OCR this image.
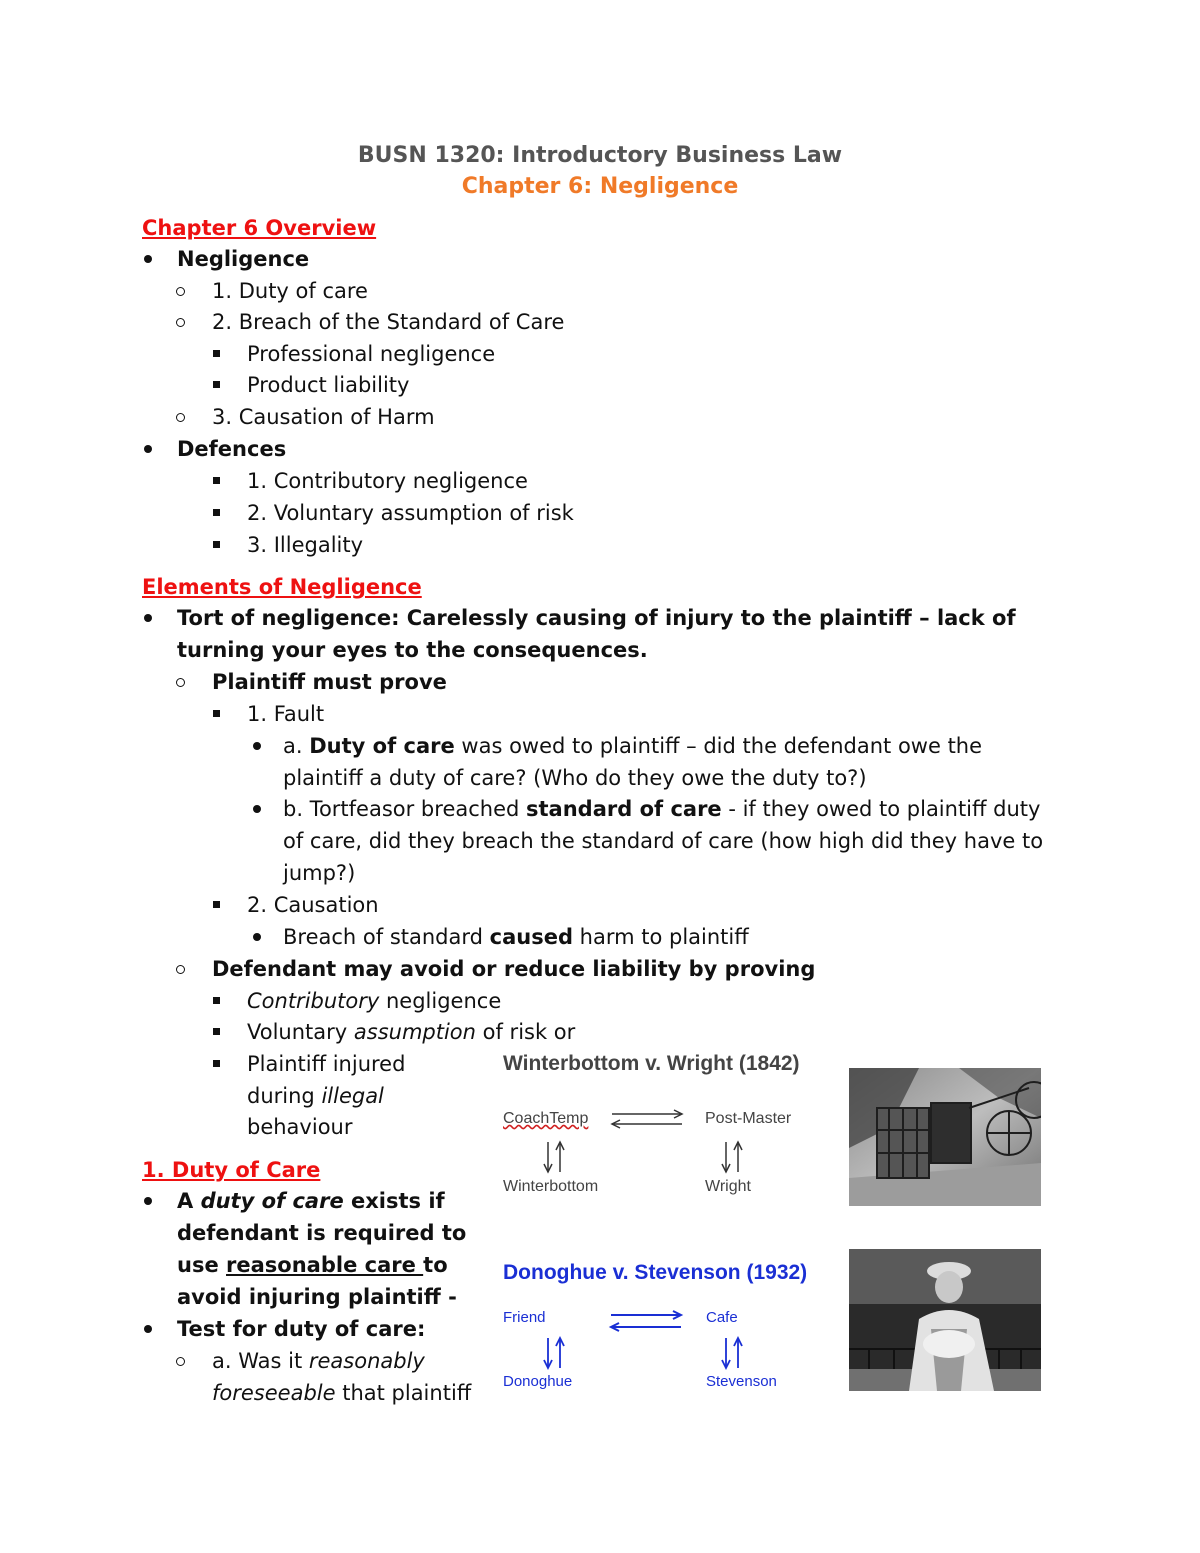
BUSN 1320: Introductory Business Law
Chapter 6: Negligence
Chapter 6 Overview
Negligence
1. Duty of care
2. Breach of the Standard of Care
Professional negligence
Product liability
3. Causation of Harm
Defences
1. Contributory negligence
2. Voluntary assumption of risk
3. Illegality
Elements of Negligence
Tort of negligence: Carelessly causing of injury to the plaintiff – lack of
turning your eyes to the consequences.
Plaintiff must prove
1. Fault
a. Duty of care was owed to plaintiff – did the defendant owe the
plaintiff a duty of care? (Who do they owe the duty to?)
b. Tortfeasor breached standard of care - if they owed to plaintiff duty
of care, did they breach the standard of care (how high did they have to
jump?)
2. Causation
Breach of standard caused harm to plaintiff
Defendant may avoid or reduce liability by proving
Contributory negligence
Voluntary assumption of risk or
Plaintiff injured
during illegal
behaviour
1. Duty of Care
A duty of care exists if
defendant is required to
use reasonable care to
avoid injuring plaintiff -
Test for duty of care:
a. Was it reasonably
foreseeable that plaintiff
Winterbottom v. Wright (1842)
CoachTemp	Post-Master
Winterbottom	Wright
Donoghue v. Stevenson (1932)
Friend	Cafe
Donoghue	Stevenson
